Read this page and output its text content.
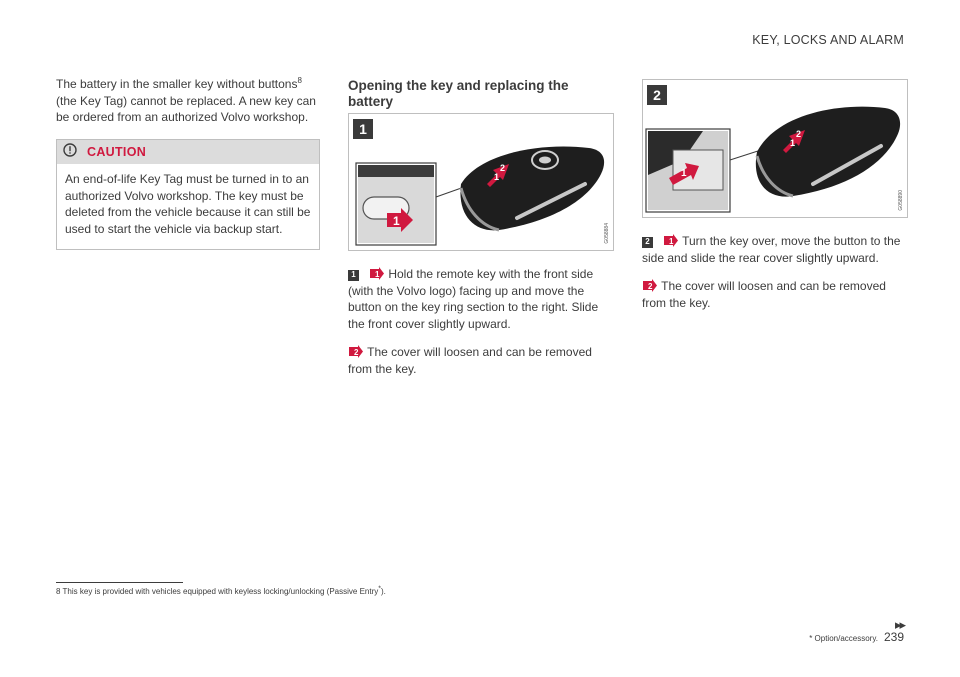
KEY, LOCKS AND ALARM

The battery in the smaller key without buttons$^8$ (the Key Tag) cannot be replaced. A new key can be ordered from an authorized Volvo workshop.

CAUTION
An end-of-life Key Tag must be turned in to an authorized Volvo workshop. The key must be deleted from the vehicle because it can still be used to start the vehicle via backup start.
Opening the key and replacing the battery
1
1
1
2
G058884

1 1 Hold the remote key with the front side (with the Volvo logo) facing up and move the button on the key ring section to the right. Slide the front cover slightly upward.

2 The cover will loosen and can be removed from the key.

2
1
1
2
G058890

2 1 Turn the key over, move the button to the side and slide the rear cover slightly upward.

2 The cover will loosen and can be removed from the key.

8 This key is provided with vehicles equipped with keyless locking/unlocking (Passive Entry*).
▸▸
* Option/accessory. 239
